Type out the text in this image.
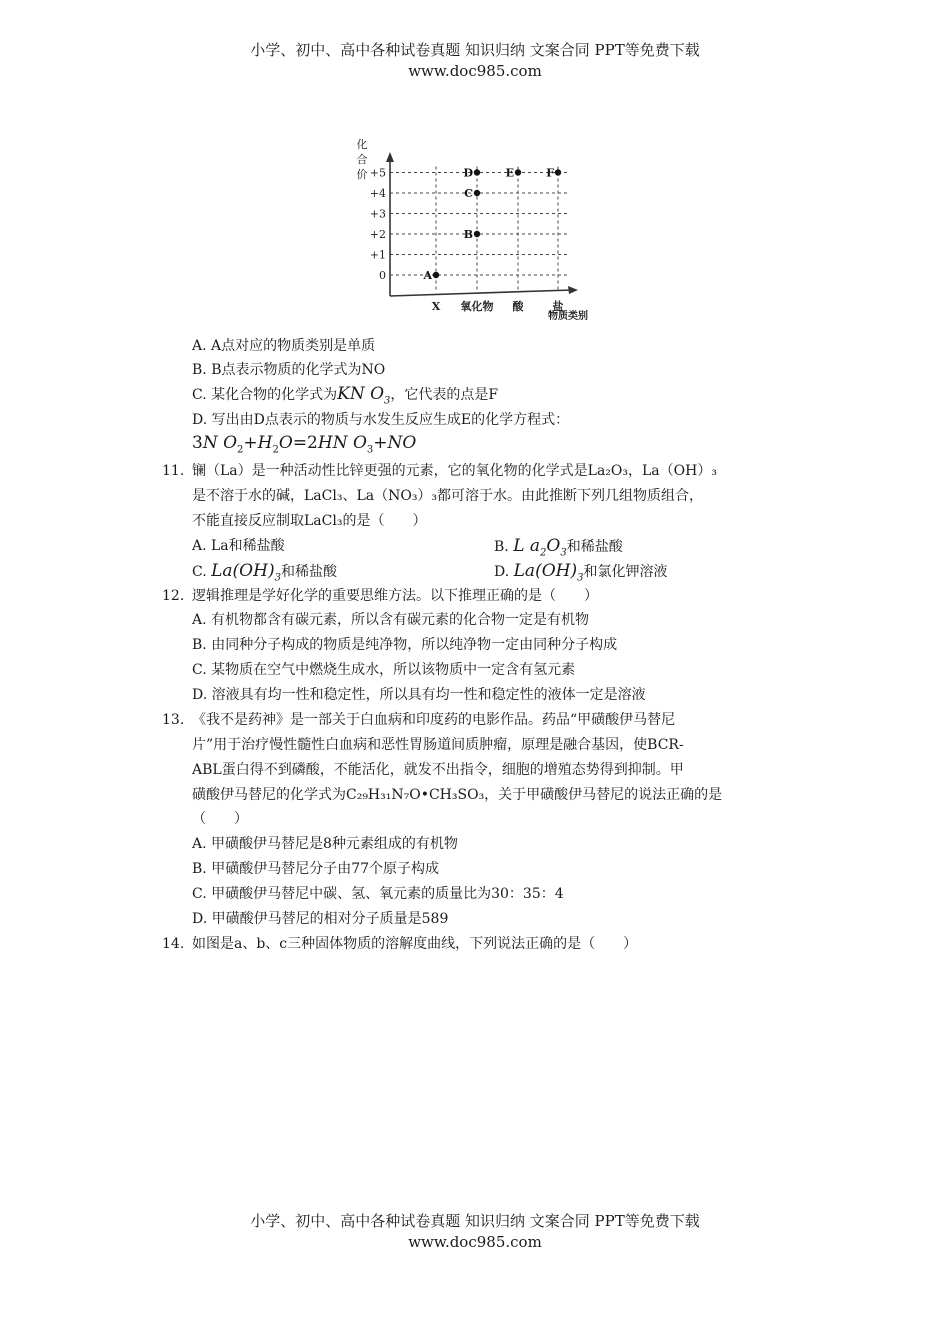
小学、初中、高中各种试卷真题 知识归纳 文案合同 PPT等免费下载
www.doc985.com
化
合
价
0
+1
+2
+3
+4
+5
X 氧化物 酸	盐
物质类别
A
B
C
D	E	F
A. A点对应的物质类别是单质
B. B点表示物质的化学式为NO
C. 某化合物的化学式为KN $O_3$，它代表的点是F
D. 写出由D点表示的物质与水发生反应生成E的化学方程式：
3N $O_2+H_2O=2HN$ $O_3+NO$
11. 镧（La）是一种活动性比锌更强的元素，它的氧化物的化学式是La₂O₃，La（OH）₃
是不溶于水的碱，LaCl₃、La（NO₃）₃都可溶于水。由此推断下列几组物质组合，
不能直接反应制取LaCl₃的是（　　）
A. La和稀盐酸	B. L $a_2O_3$和稀盐酸
C. $La(OH)_3$和稀盐酸	D. $La(OH)_3$和氯化钾溶液
12. 逻辑推理是学好化学的重要思维方法。以下推理正确的是（　　）
A. 有机物都含有碳元素，所以含有碳元素的化合物一定是有机物
B. 由同种分子构成的物质是纯净物，所以纯净物一定由同种分子构成
C. 某物质在空气中燃烧生成水，所以该物质中一定含有氢元素
D. 溶液具有均一性和稳定性，所以具有均一性和稳定性的液体一定是溶液
13. 《我不是药神》是一部关于白血病和印度药的电影作品。药品“甲磺酸伊马替尼
片”用于治疗慢性髓性白血病和恶性胃肠道间质肿瘤，原理是融合基因，使BCR-
ABL蛋白得不到磷酸，不能活化，就发不出指令，细胞的增殖态势得到抑制。甲
磺酸伊马替尼的化学式为C₂₉H₃₁N₇O•CH₃SO₃，关于甲磺酸伊马替尼的说法正确的是
（　　）
A. 甲磺酸伊马替尼是8种元素组成的有机物
B. 甲磺酸伊马替尼分子由77个原子构成
C. 甲磺酸伊马替尼中碳、氢、氧元素的质量比为30：35：4
D. 甲磺酸伊马替尼的相对分子质量是589
14. 如图是a、b、c三种固体物质的溶解度曲线，下列说法正确的是（　　）
小学、初中、高中各种试卷真题 知识归纳 文案合同 PPT等免费下载
www.doc985.com
